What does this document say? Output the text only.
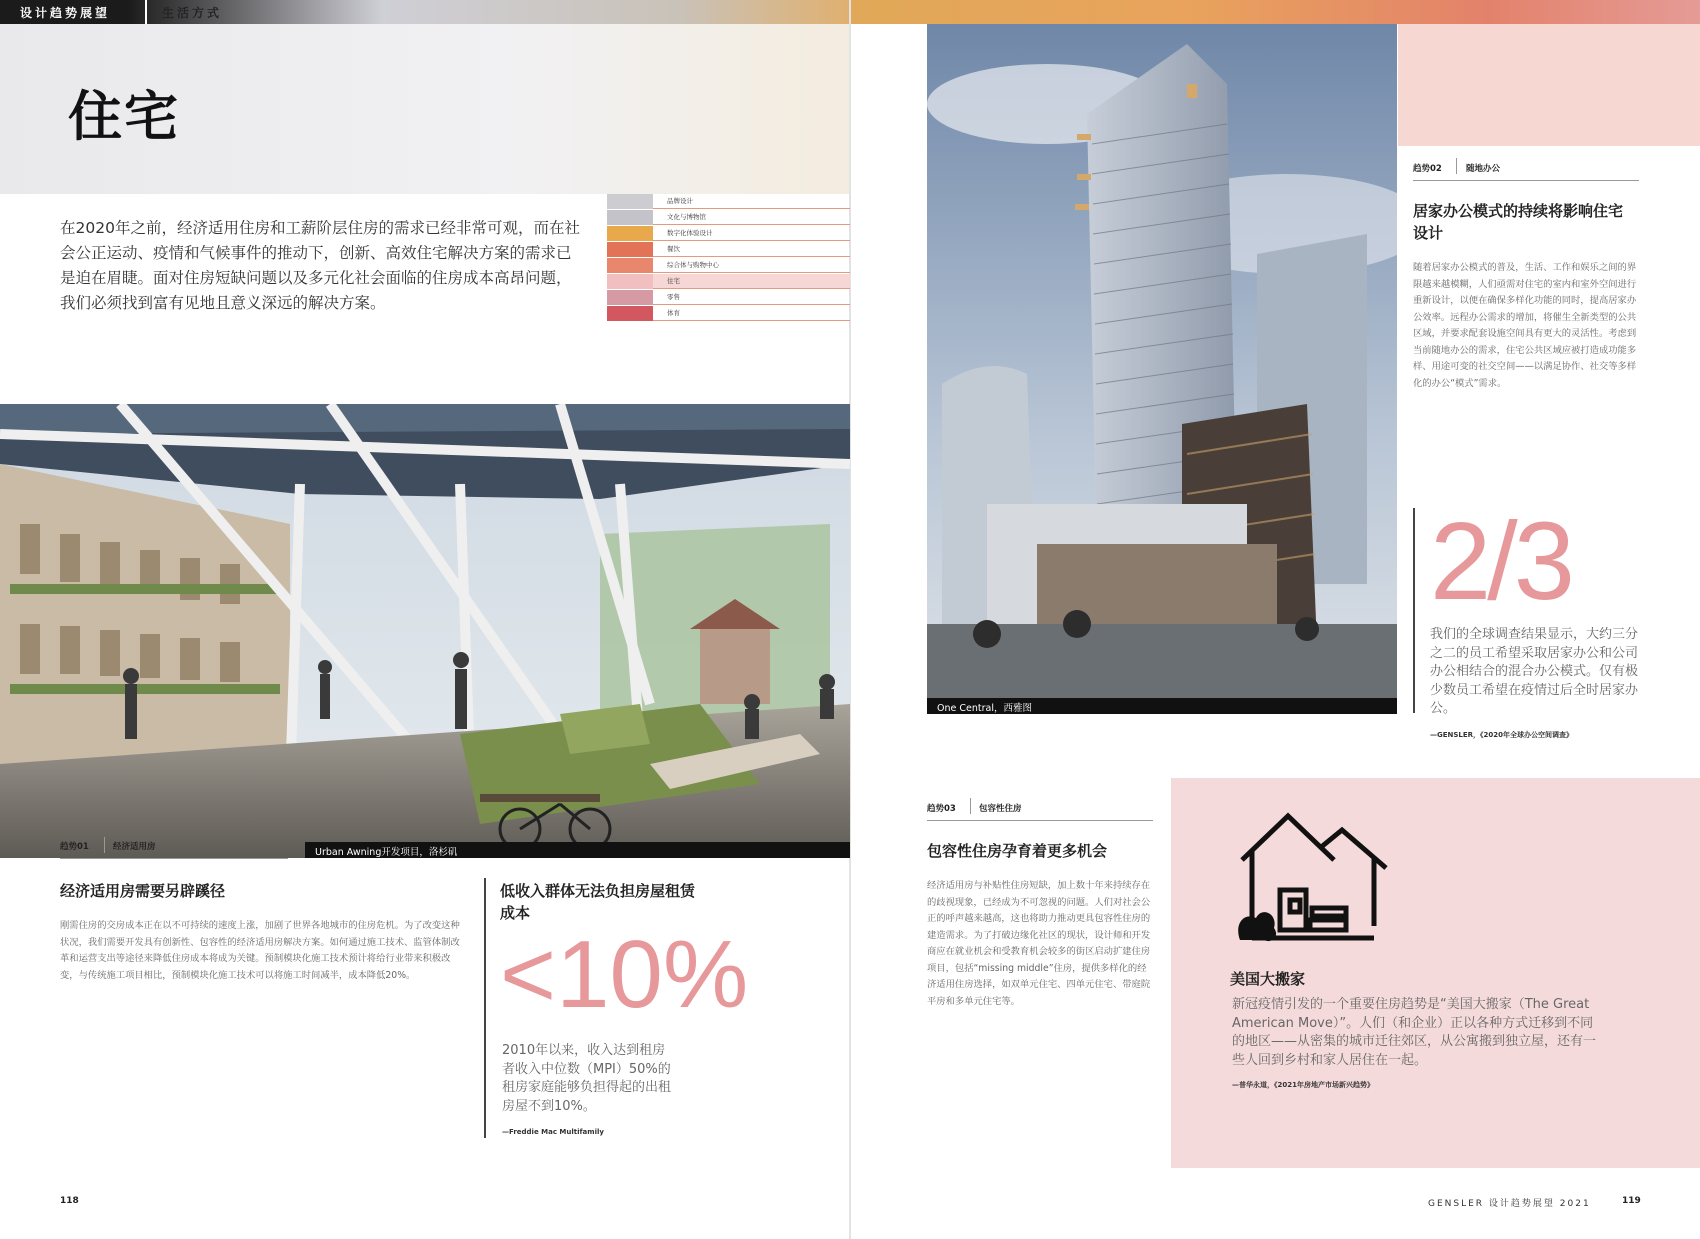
设计趋势展望	生活方式
住宅
在2020年之前，经济适用住房和工薪阶层住房的需求已经非常可观，而在社会公正运动、疫情和气候事件的推动下，创新、高效住宅解决方案的需求已是迫在眉睫。面对住房短缺问题以及多元化社会面临的住房成本高昂问题，我们必须找到富有见地且意义深远的解决方案。
品牌设计
文化与博物馆
数字化体验设计
餐饮
综合体与购物中心
住宅
零售
体育
Urban Awning开发项目，洛杉矶
趋势01	经济适用房
经济适用房需要另辟蹊径
刚需住房的交房成本正在以不可持续的速度上涨，加剧了世界各地城市的住房危机。为了改变这种状况，我们需要开发具有创新性、包容性的经济适用房解决方案。如何通过施工技术、监管体制改革和运营支出等途径来降低住房成本将成为关键。预制模块化施工技术预计将给行业带来积极改变，与传统施工项目相比，预制模块化施工技术可以将施工时间减半，成本降低20%。
低收入群体无法负担房屋租赁成本
<10%
2010年以来，收入达到租房者收入中位数（MPI）50%的租房家庭能够负担得起的出租房屋不到10%。
—Freddie Mac Multifamily
One Central，西雅图
趋势02	随地办公
居家办公模式的持续将影响住宅设计
随着居家办公模式的普及，生活、工作和娱乐之间的界限越来越模糊，人们亟需对住宅的室内和室外空间进行重新设计，以便在确保多样化功能的同时，提高居家办公效率。远程办公需求的增加，将催生全新类型的公共区域，并要求配套设施空间具有更大的灵活性。考虑到当前随地办公的需求，住宅公共区域应被打造成功能多样、用途可变的社交空间——以满足协作、社交等多样化的办公“模式”需求。
2/3
我们的全球调查结果显示，大约三分之二的员工希望采取居家办公和公司办公相结合的混合办公模式。仅有极少数员工希望在疫情过后全时居家办公。
—GENSLER，《2020年全球办公空间调查》
趋势03	包容性住房
包容性住房孕育着更多机会
经济适用房与补贴性住房短缺，加上数十年来持续存在的歧视现象，已经成为不可忽视的问题。人们对社会公正的呼声越来越高，这也将助力推动更具包容性住房的建造需求。为了打破边缘化社区的现状，设计师和开发商应在就业机会和受教育机会较多的街区启动扩建住房项目，包括“missing middle”住房，提供多样化的经济适用住房选择，如双单元住宅、四单元住宅、带庭院平房和多单元住宅等。
美国大搬家
新冠疫情引发的一个重要住房趋势是“美国大搬家（The Great American Move）”。人们（和企业）正以各种方式迁移到不同的地区——从密集的城市迁往郊区，从公寓搬到独立屋，还有一些人回到乡村和家人居住在一起。
—普华永道，《2021年房地产市场新兴趋势》
118	GENSLER 设计趋势展望 2021	119
